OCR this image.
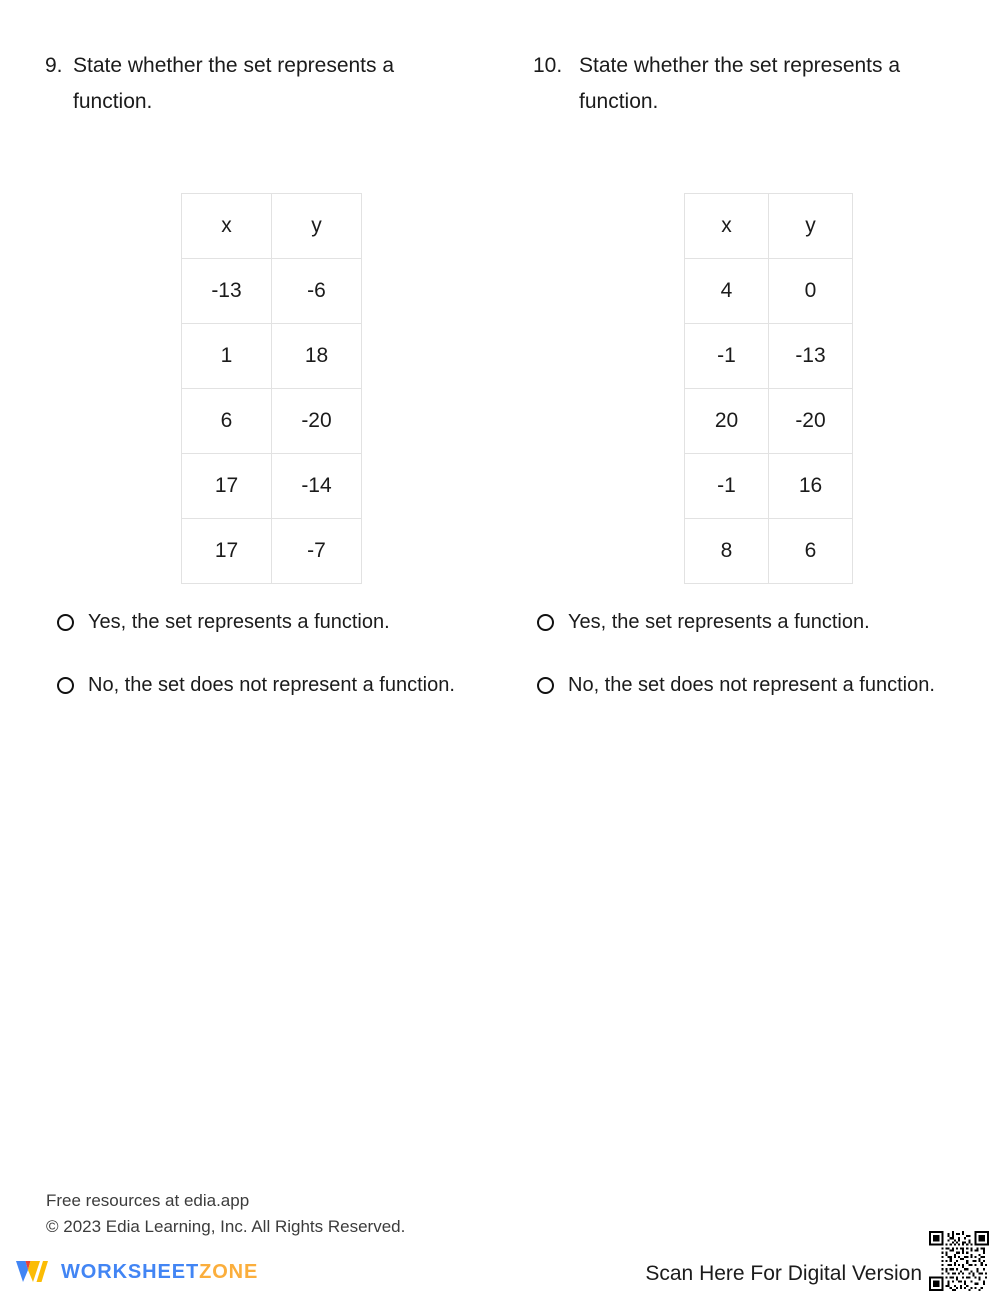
9. State whether the set represents a function.
x	y
-13	-6
1	18
6	-20
17	-14
17	-7
Yes, the set represents a function.
No, the set does not represent a function.
10. State whether the set represents a function.
x	y
4	0
-1	-13
20	-20
-1	16
8	6
Yes, the set represents a function.
No, the set does not represent a function.
Free resources at edia.app
© 2023 Edia Learning, Inc. All Rights Reserved.
WORKSHEETZONE	Scan Here For Digital Version
